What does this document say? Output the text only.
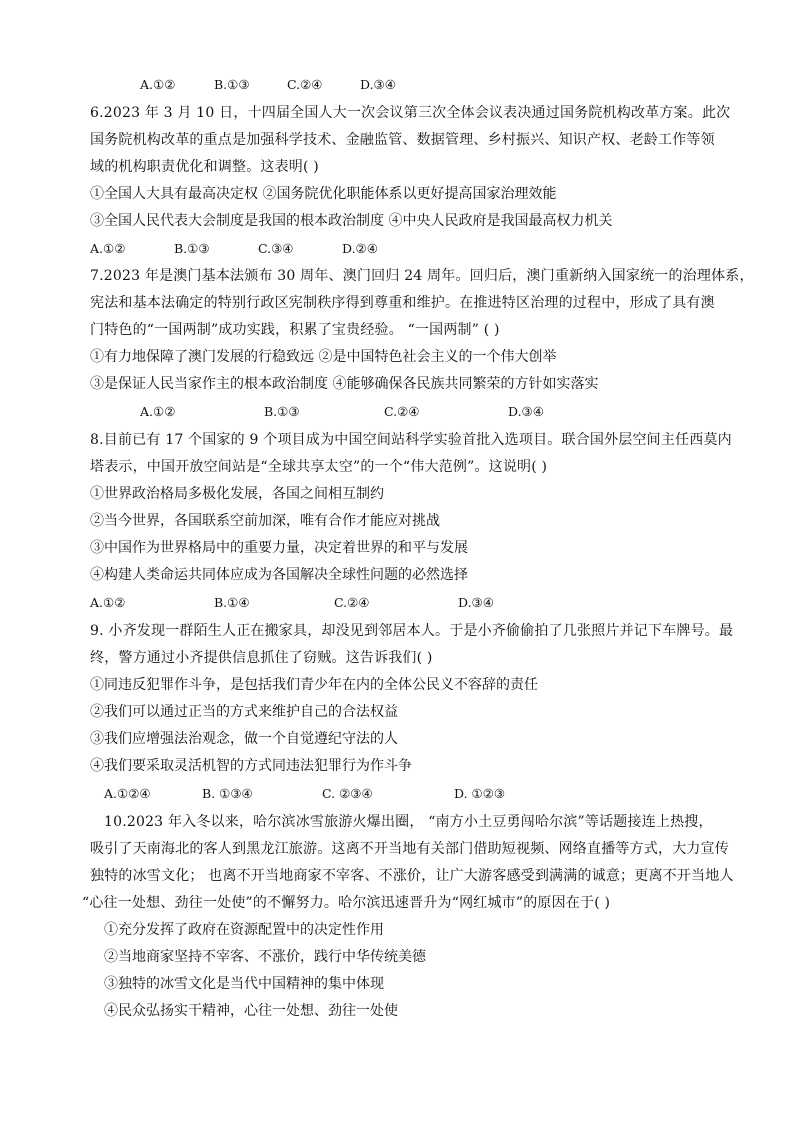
A.①②	B.①③	C.②④	D.③④
6.2023 年 3 月 10 日，十四届全国人大一次会议第三次全体会议表决通过国务院机构改革方案。此次
国务院机构改革的重点是加强科学技术、金融监管、数据管理、乡村振兴、知识产权、老龄工作等领
域的机构职责优化和调整。这表明( )
①全国人大具有最高决定权 ②国务院优化职能体系以更好提高国家治理效能
③全国人民代表大会制度是我国的根本政治制度 ④中央人民政府是我国最高权力机关
A.①②	B.①③	C.③④	D.②④
7.2023 年是澳门基本法颁布 30 周年、澳门回归 24 周年。回归后，澳门重新纳入国家统一的治理体系，
宪法和基本法确定的特别行政区宪制秩序得到尊重和维护。在推进特区治理的过程中，形成了具有澳
门特色的“一国两制”成功实践，积累了宝贵经验。 “一国两制” ( )
①有力地保障了澳门发展的行稳致远 ②是中国特色社会主义的一个伟大创举
③是保证人民当家作主的根本政治制度 ④能够确保各民族共同繁荣的方针如实落实
A.①②	B.①③	C.②④	D.③④
8.目前已有 17 个国家的 9 个项目成为中国空间站科学实验首批入选项目。联合国外层空间主任西莫内
塔表示，中国开放空间站是“全球共享太空”的一个“伟大范例”。这说明( )
①世界政治格局多极化发展，各国之间相互制约
②当今世界，各国联系空前加深，唯有合作才能应对挑战
③中国作为世界格局中的重要力量，决定着世界的和平与发展
④构建人类命运共同体应成为各国解决全球性问题的必然选择
A.①②	B.①④	C.②④	D.③④
9. 小齐发现一群陌生人正在搬家具，却没见到邻居本人。于是小齐偷偷拍了几张照片并记下车牌号。最
终，警方通过小齐提供信息抓住了窃贼。这告诉我们( )
①同违反犯罪作斗争，是包括我们青少年在内的全体公民义不容辞的责任
②我们可以通过正当的方式来维护自己的合法权益
③我们应增强法治观念，做一个自觉遵纪守法的人
④我们要采取灵活机智的方式同违法犯罪行为作斗争
A.①②④	B. ①③④	C. ②③④	D. ①②③
10.2023 年入冬以来，哈尔滨冰雪旅游火爆出圈， “南方小土豆勇闯哈尔滨”等话题接连上热搜，
吸引了天南海北的客人到黑龙江旅游。这离不开当地有关部门借助短视频、网络直播等方式，大力宣传
独特的冰雪文化； 也离不开当地商家不宰客、不涨价，让广大游客感受到满满的诚意；更离不开当地人
“心往一处想、劲往一处使”的不懈努力。哈尔滨迅速晋升为“网红城市”的原因在于( )
①充分发挥了政府在资源配置中的决定性作用
②当地商家坚持不宰客、不涨价，践行中华传统美德
③独特的冰雪文化是当代中国精神的集中体现
④民众弘扬实干精神，心往一处想、劲往一处使
